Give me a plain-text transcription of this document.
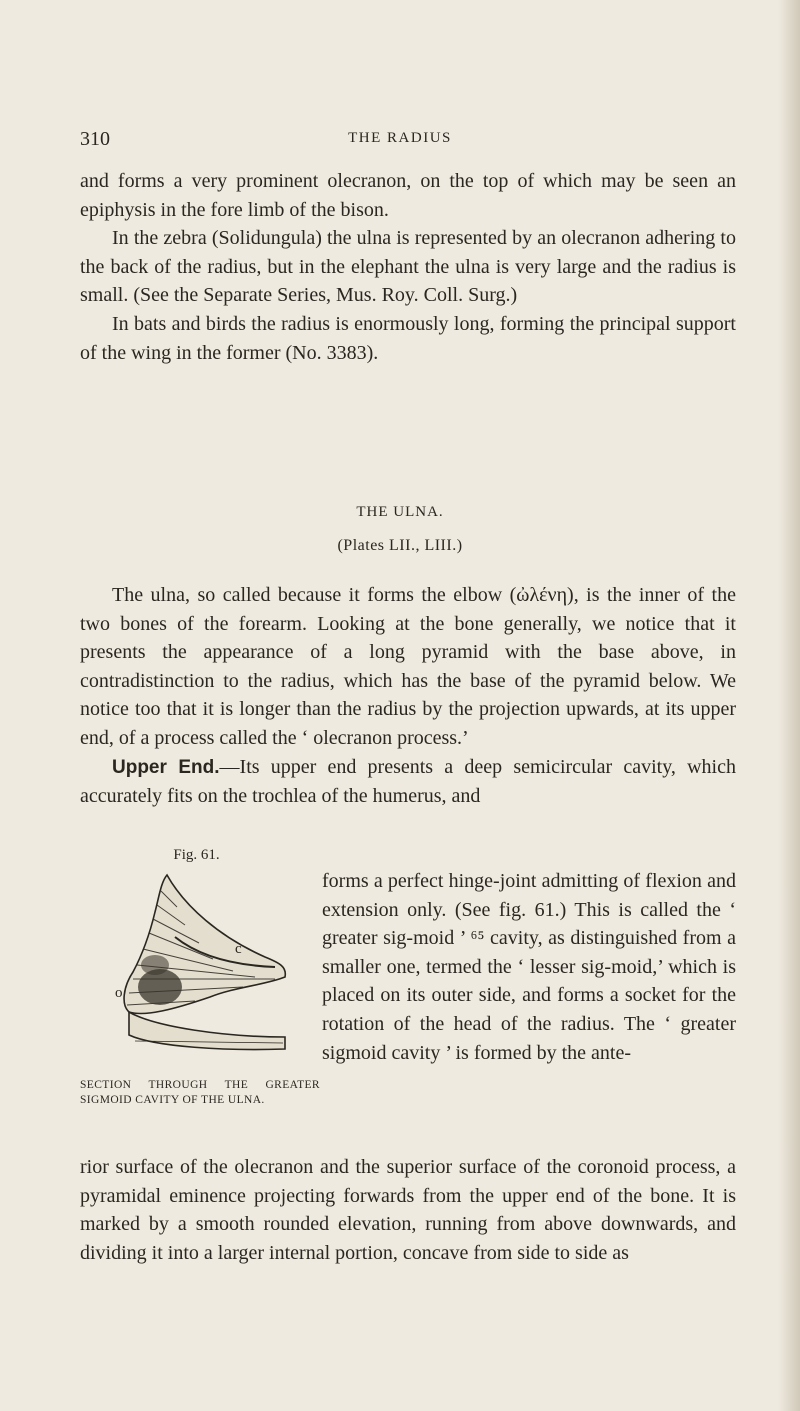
310	THE RADIUS

and forms a very prominent olecranon, on the top of which may be seen an epiphysis in the fore limb of the bison.

In the zebra (Solidungula) the ulna is represented by an olecranon adhering to the back of the radius, but in the elephant the ulna is very large and the radius is small. (See the Separate Series, Mus. Roy. Coll. Surg.)

In bats and birds the radius is enormously long, forming the principal support of the wing in the former (No. 3383).

THE ULNA.
(Plates LII., LIII.)

The ulna, so called because it forms the elbow (ὠλένη), is the inner of the two bones of the forearm. Looking at the bone generally, we notice that it presents the appearance of a long pyramid with the base above, in contradistinction to the radius, which has the base of the pyramid below. We notice too that it is longer than the radius by the projection upwards, at its upper end, of a process called the ‘ olecranon process.’

Upper End.—Its upper end presents a deep semicircular cavity, which accurately fits on the trochlea of the humerus, and

Fig. 61.
c
o
SECTION THROUGH THE GREATER SIGMOID CAVITY OF THE ULNA.

forms a perfect hinge-joint admitting of flexion and extension only. (See fig. 61.) This is called the ‘ greater sig-moid ’ ⁶⁵ cavity, as distinguished from a smaller one, termed the ‘ lesser sig-moid,’ which is placed on its outer side, and forms a socket for the rotation of the head of the radius. The ‘ greater sigmoid cavity ’ is formed by the ante-

rior surface of the olecranon and the superior surface of the coronoid process, a pyramidal eminence projecting forwards from the upper end of the bone. It is marked by a smooth rounded elevation, running from above downwards, and dividing it into a larger internal portion, concave from side to side as
